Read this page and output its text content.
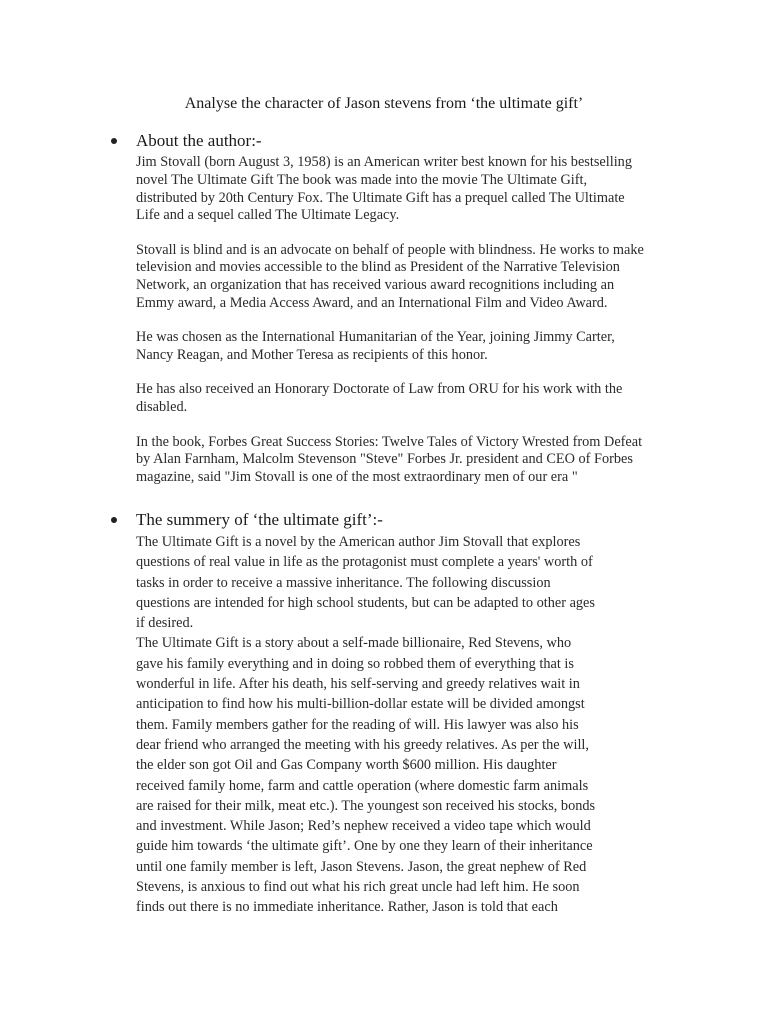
Analyse the character of Jason stevens from ‘the ultimate gift’
About the author:-

Jim Stovall (born August 3, 1958) is an American writer best known for his bestselling
novel The Ultimate Gift The book was made into the movie The Ultimate Gift,
distributed by 20th Century Fox. The Ultimate Gift has a prequel called The Ultimate
Life and a sequel called The Ultimate Legacy.

Stovall is blind and is an advocate on behalf of people with blindness. He works to make
television and movies accessible to the blind as President of the Narrative Television
Network, an organization that has received various award recognitions including an
Emmy award, a Media Access Award, and an International Film and Video Award.

He was chosen as the International Humanitarian of the Year, joining Jimmy Carter,
Nancy Reagan, and Mother Teresa as recipients of this honor.

He has also received an Honorary Doctorate of Law from ORU for his work with the
disabled.

In the book, Forbes Great Success Stories: Twelve Tales of Victory Wrested from Defeat
by Alan Farnham, Malcolm Stevenson "Steve" Forbes Jr. president and CEO of Forbes
magazine, said "Jim Stovall is one of the most extraordinary men of our era "

The summery of ‘the ultimate gift’:-

The Ultimate Gift is a novel by the American author Jim Stovall that explores
questions of real value in life as the protagonist must complete a years' worth of
tasks in order to receive a massive inheritance. The following discussion
questions are intended for high school students, but can be adapted to other ages
if desired.

The Ultimate Gift is a story about a self-made billionaire, Red Stevens, who
gave his family everything and in doing so robbed them of everything that is
wonderful in life. After his death, his self-serving and greedy relatives wait in
anticipation to find how his multi-billion-dollar estate will be divided amongst
them. Family members gather for the reading of will. His lawyer was also his
dear friend who arranged the meeting with his greedy relatives. As per the will,
the elder son got Oil and Gas Company worth $600 million. His daughter
received family home, farm and cattle operation (where domestic farm animals
are raised for their milk, meat etc.). The youngest son received his stocks, bonds
and investment. While Jason; Red’s nephew received a video tape which would
guide him towards ‘the ultimate gift’. One by one they learn of their inheritance
until one family member is left, Jason Stevens. Jason, the great nephew of Red
Stevens, is anxious to find out what his rich great uncle had left him. He soon
finds out there is no immediate inheritance. Rather, Jason is told that each
